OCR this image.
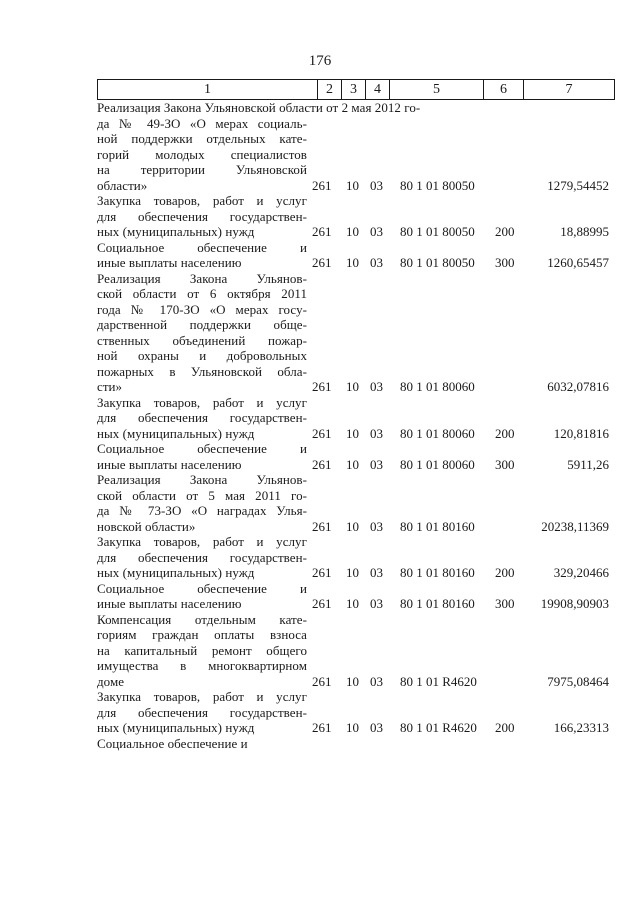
176
1	2	3	4	5	6	7
Реализация Закона Ульяновской области от 2 мая 2012 го-
да № 49-ЗО «О мерах социаль-
ной поддержки отдельных кате-
горий молодых специалистов
на территории Ульяновской
области»	261 10 03 80 1 01 80050	1279,54452
Закупка товаров, работ и услуг
для обеспечения государствен-
ных (муниципальных) нужд	261 10 03 80 1 01 80050 200	18,88995
Социальное обеспечение и
иные выплаты населению	261 10 03 80 1 01 80050 300	1260,65457
Реализация Закона Ульянов-
ской области от 6 октября 2011
года № 170-ЗО «О мерах госу-
дарственной поддержки обще-
ственных объединений пожар-
ной охраны и добровольных
пожарных в Ульяновской обла-
сти»	261 10 03 80 1 01 80060	6032,07816
Закупка товаров, работ и услуг
для обеспечения государствен-
ных (муниципальных) нужд	261 10 03 80 1 01 80060 200	120,81816
Социальное обеспечение и
иные выплаты населению	261 10 03 80 1 01 80060 300	5911,26
Реализация Закона Ульянов-
ской области от 5 мая 2011 го-
да № 73-ЗО «О наградах Улья-
новской области»	261 10 03 80 1 01 80160	20238,11369
Закупка товаров, работ и услуг
для обеспечения государствен-
ных (муниципальных) нужд	261 10 03 80 1 01 80160 200	329,20466
Социальное обеспечение и
иные выплаты населению	261 10 03 80 1 01 80160 300	19908,90903
Компенсация отдельным кате-
гориям граждан оплаты взноса
на капитальный ремонт общего
имущества в многоквартирном
доме	261 10 03 80 1 01 R4620	7975,08464
Закупка товаров, работ и услуг
для обеспечения государствен-
ных (муниципальных) нужд	261 10 03 80 1 01 R4620 200	166,23313
Социальное обеспечение и
